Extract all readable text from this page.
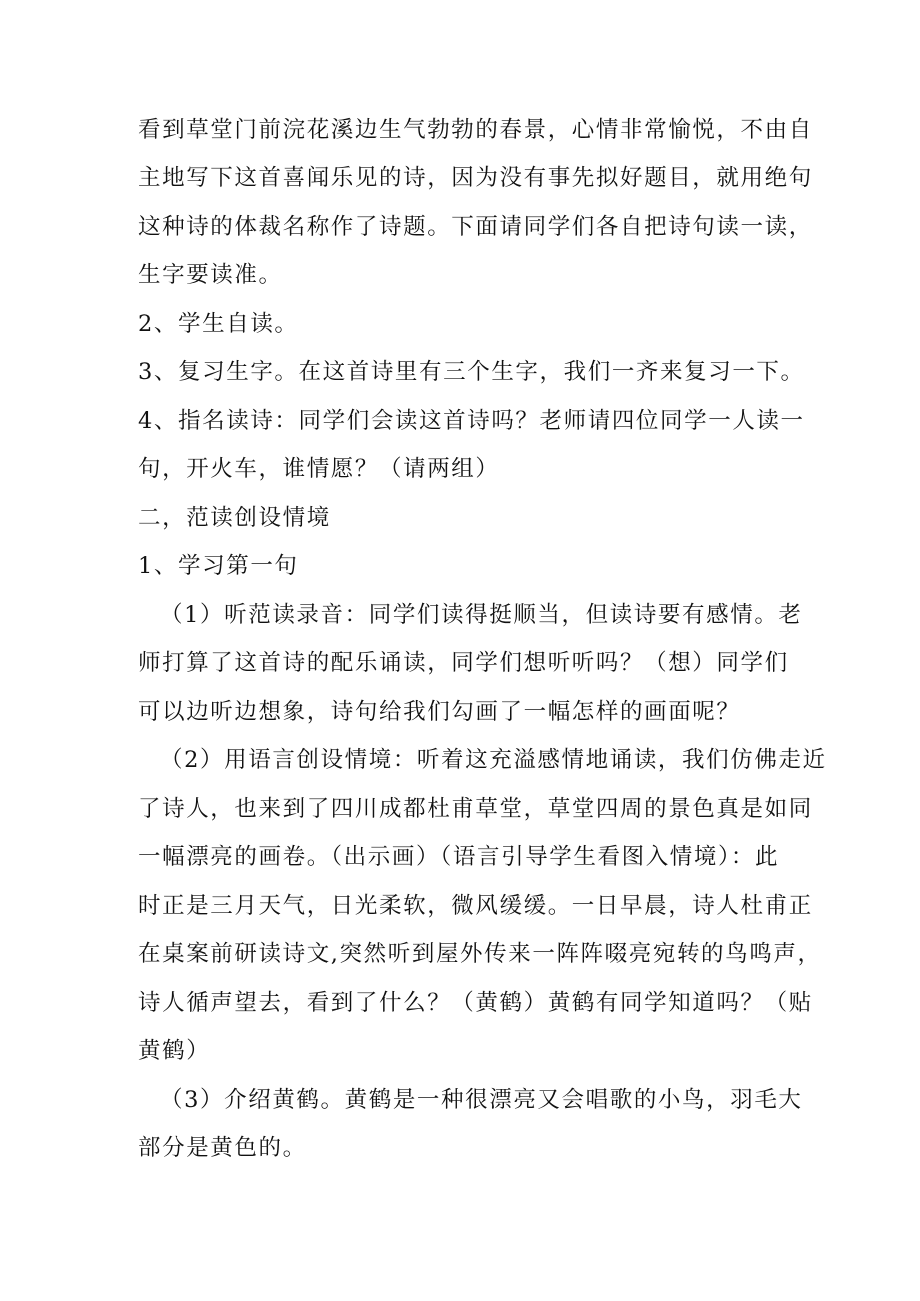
看到草堂门前浣花溪边生气勃勃的春景，心情非常愉悦，不由自
主地写下这首喜闻乐见的诗，因为没有事先拟好题目，就用绝句
这种诗的体裁名称作了诗题。下面请同学们各自把诗句读一读，
生字要读准。
2、学生自读。
3、复习生字。在这首诗里有三个生字，我们一齐来复习一下。
4、指名读诗：同学们会读这首诗吗？老师请四位同学一人读一
句，开火车，谁情愿？（请两组）
二，范读创设情境
1、学习第一句
（1）听范读录音：同学们读得挺顺当，但读诗要有感情。老
师打算了这首诗的配乐诵读，同学们想听听吗？（想）同学们
可以边听边想象，诗句给我们勾画了一幅怎样的画面呢？
（2）用语言创设情境：听着这充溢感情地诵读，我们仿佛走近
了诗人，也来到了四川成都杜甫草堂，草堂四周的景色真是如同
一幅漂亮的画卷。（出示画）（语言引导学生看图入情境）：此
时正是三月天气，日光柔软，微风缓缓。一日早晨，诗人杜甫正
在桌案前研读诗文,突然听到屋外传来一阵阵啜亮宛转的鸟鸣声，
诗人循声望去，看到了什么？（黄鹤）黄鹤有同学知道吗？（贴
黄鹤）
（3）介绍黄鹤。黄鹤是一种很漂亮又会唱歌的小鸟，羽毛大
部分是黄色的。
